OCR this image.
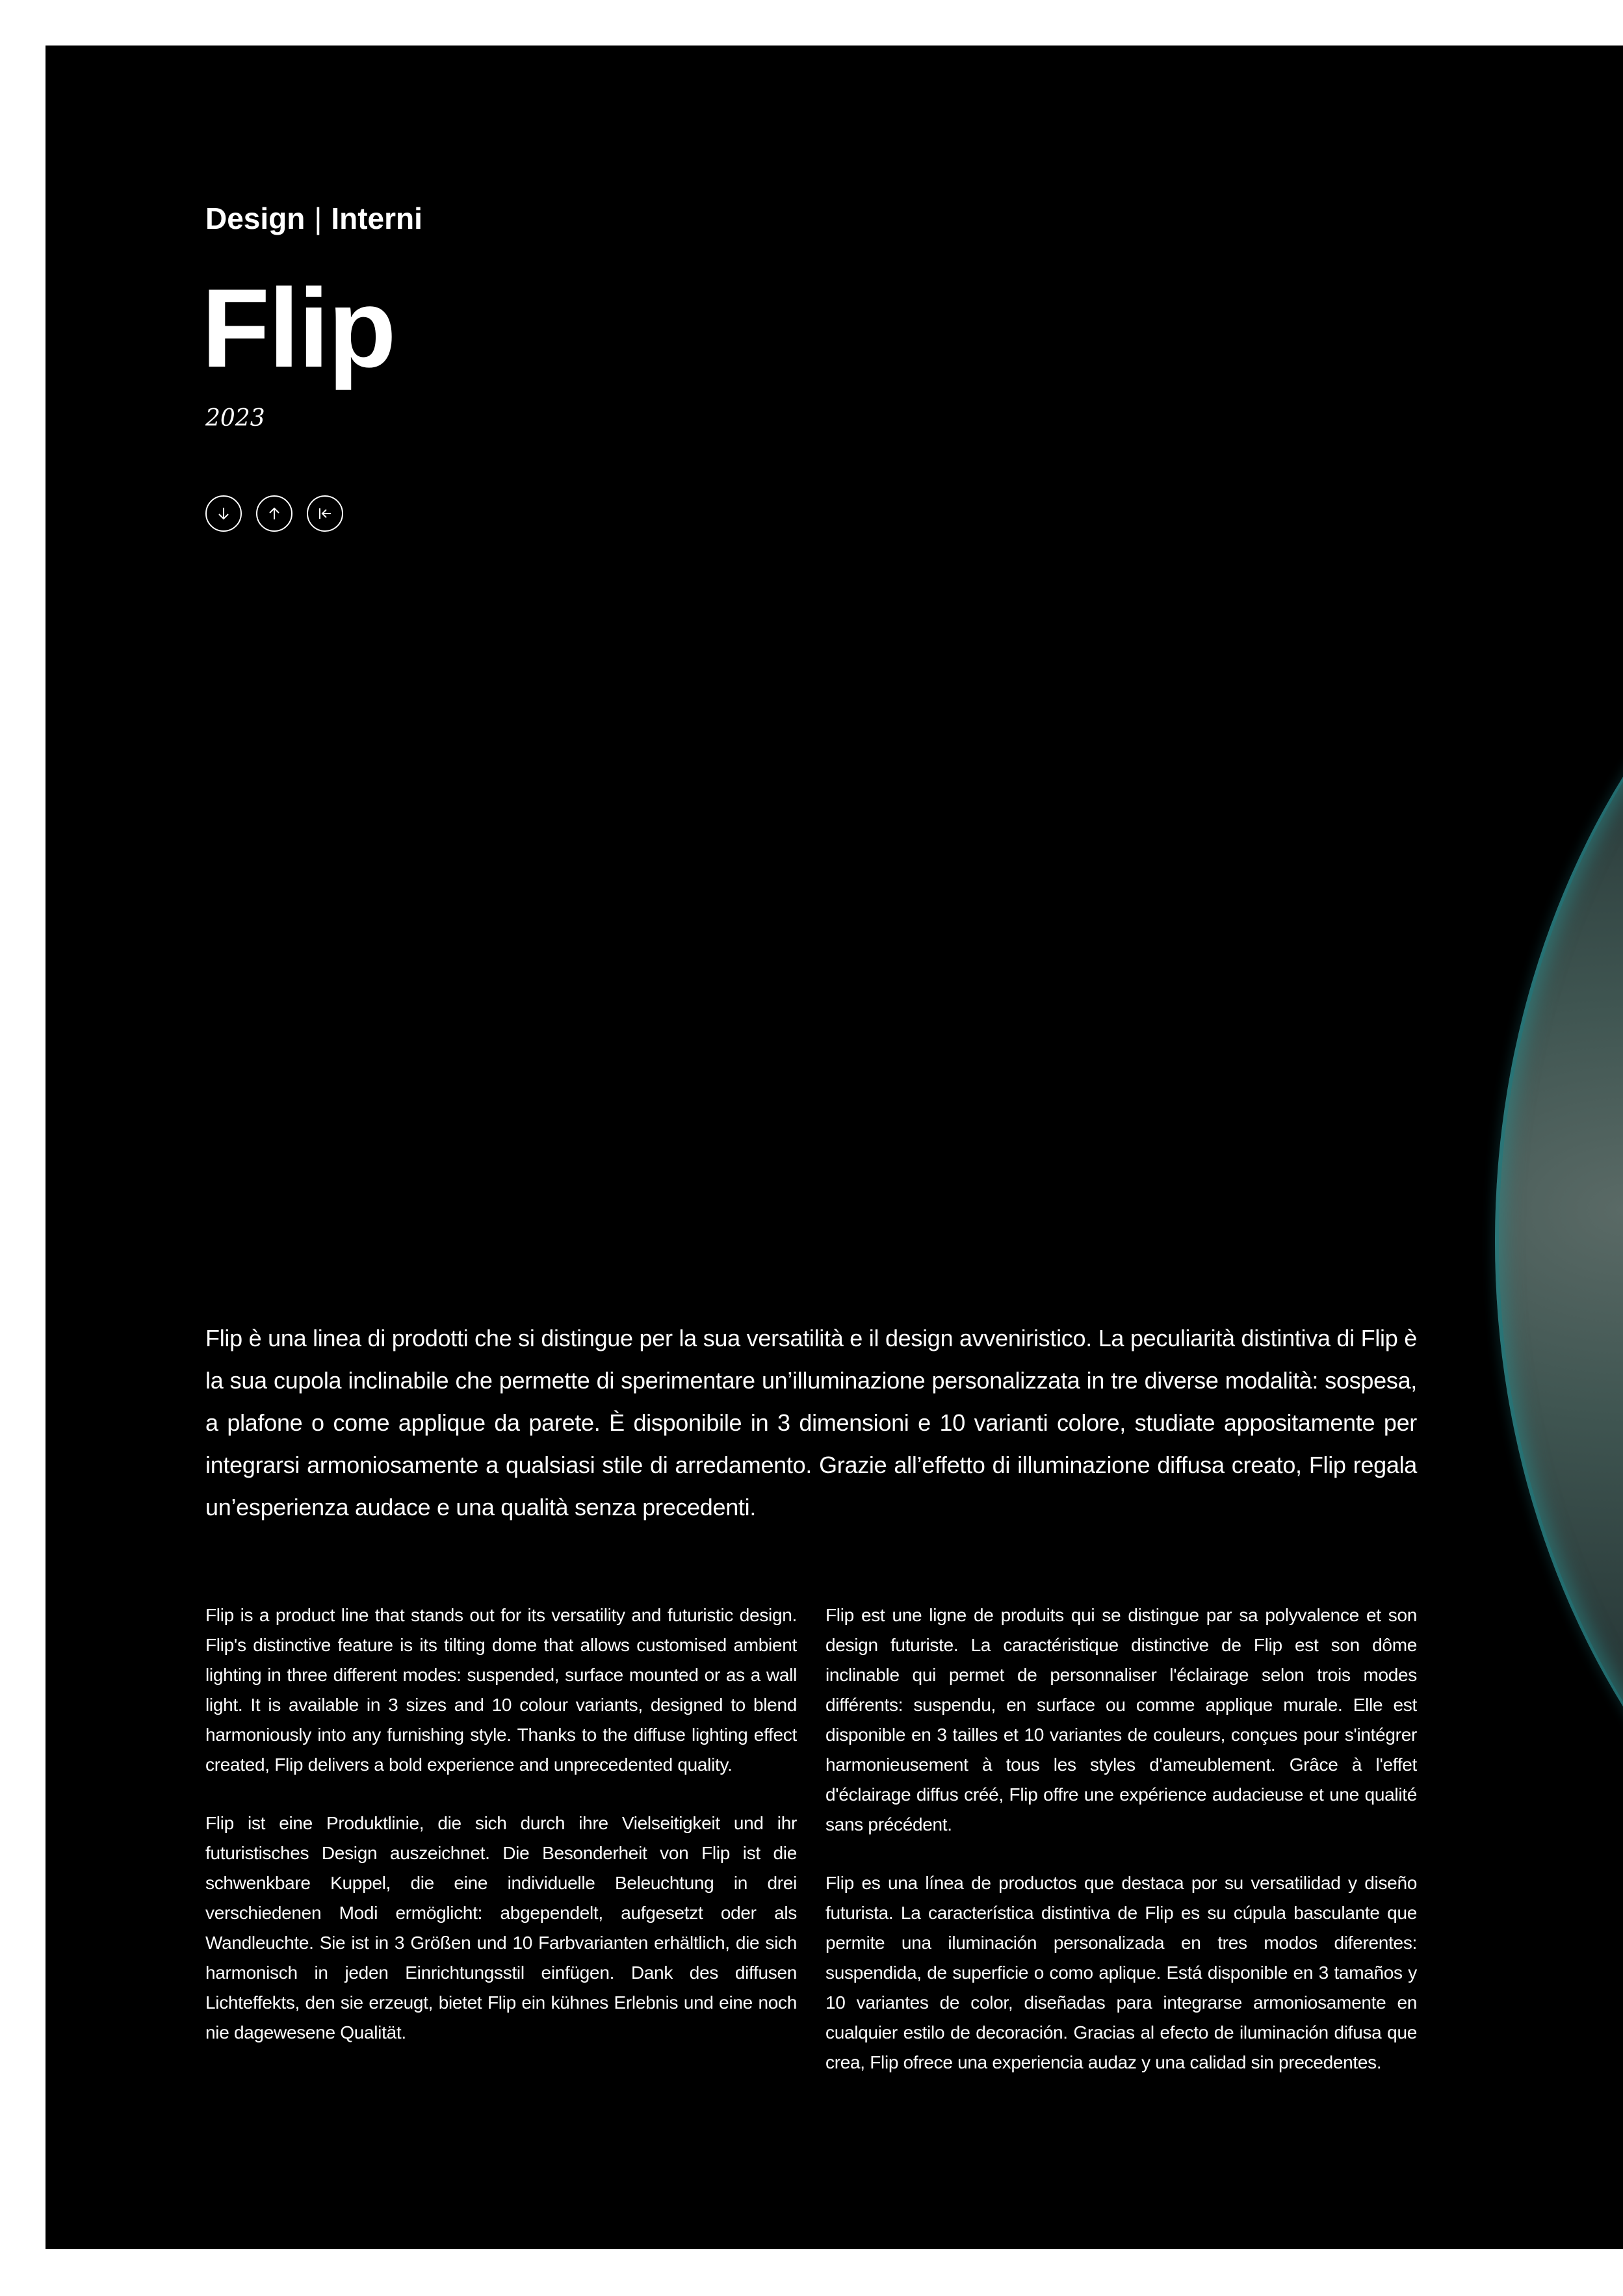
Design | Interni
Flip
2023
Flip è una linea di prodotti che si distingue per la sua versatilità e il design avveniristico. La peculiarità distintiva di Flip è la sua cupola inclinabile che permette di sperimentare un’illuminazione personalizzata in tre diverse modalità: sospesa, a plafone o come applique da parete. È disponibile in 3 dimensioni e 10 varianti colore, studiate appositamente per integrarsi armoniosamente a qualsiasi stile di arredamento. Grazie all’effetto di illuminazione diffusa creato, Flip regala un’esperienza audace e una qualità senza precedenti.

Flip is a product line that stands out for its versatility and futuristic design. Flip's distinctive feature is its tilting dome that allows customised ambient lighting in three different modes: suspended, surface mounted or as a wall light. It is available in 3 sizes and 10 colour variants, designed to blend harmoniously into any furnishing style. Thanks to the diffuse lighting effect created, Flip delivers a bold experience and unprecedented quality.

Flip ist eine Produktlinie, die sich durch ihre Vielseitigkeit und ihr futuristisches Design auszeichnet. Die Besonderheit von Flip ist die schwenkbare Kuppel, die eine individuelle Beleuchtung in drei verschiedenen Modi ermöglicht: abgependelt, aufgesetzt oder als Wandleuchte. Sie ist in 3 Größen und 10 Farbvarianten erhältlich, die sich harmonisch in jeden Einrichtungsstil einfügen. Dank des diffusen Lichteffekts, den sie erzeugt, bietet Flip ein kühnes Erlebnis und eine noch nie dagewesene Qualität.

Flip est une ligne de produits qui se distingue par sa polyvalence et son design futuriste. La caractéristique distinctive de Flip est son dôme inclinable qui permet de personnaliser l'éclairage selon trois modes différents: suspendu, en surface ou comme applique murale. Elle est disponible en 3 tailles et 10 variantes de couleurs, conçues pour s'intégrer harmonieusement à tous les styles d'ameublement. Grâce à l'effet d'éclairage diffus créé, Flip offre une expérience audacieuse et une qualité sans précédent.

Flip es una línea de productos que destaca por su versatilidad y diseño futurista. La característica distintiva de Flip es su cúpula basculante que permite una iluminación personalizada en tres modos diferentes: suspendida, de superficie o como aplique. Está disponible en 3 tamaños y 10 variantes de color, diseñadas para integrarse armoniosamente en cualquier estilo de decoración. Gracias al efecto de iluminación difusa que crea, Flip ofrece una experiencia audaz y una calidad sin precedentes.
